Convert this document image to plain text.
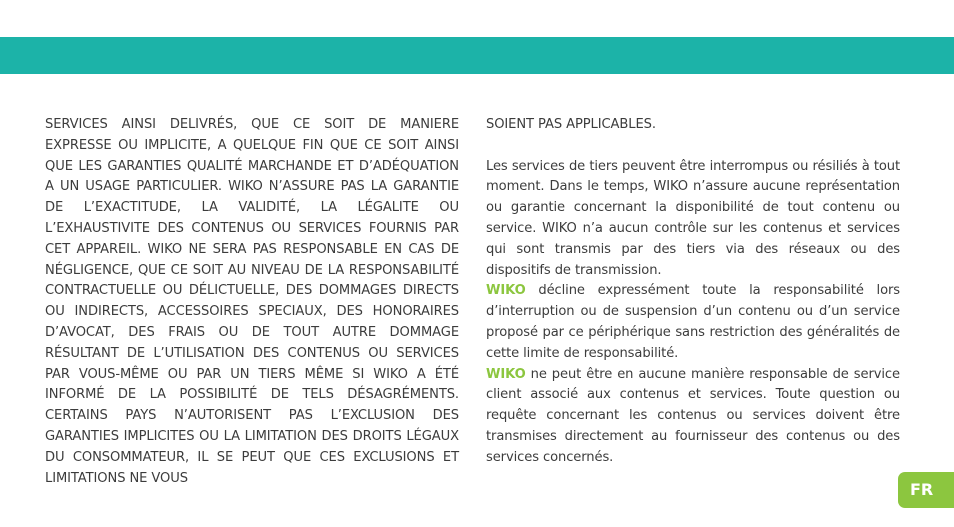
SERVICES AINSI DELIVRÉS, QUE CE SOIT DE MANIERE EXPRESSE OU IMPLICITE, A QUELQUE FIN QUE CE SOIT AINSI QUE LES GARANTIES QUALITÉ MARCHANDE ET D’ADÉQUATION A UN USAGE PARTICULIER. WIKO N’ASSURE PAS LA GARANTIE DE L’EXACTITUDE, LA VALIDITÉ, LA LÉGALITE OU L’EXHAUSTIVITE DES CONTENUS OU SERVICES FOURNIS PAR CET APPAREIL. WIKO NE SERA PAS RESPONSABLE EN CAS DE NÉGLIGENCE, QUE CE SOIT AU NIVEAU DE LA RESPONSABILITÉ CONTRACTUELLE OU DÉLICTUELLE, DES DOMMAGES DIRECTS OU INDIRECTS, ACCESSOIRES SPECIAUX, DES HONORAIRES D’AVOCAT, DES FRAIS OU DE TOUT AUTRE DOMMAGE RÉSULTANT DE L’UTILISATION DES CONTENUS OU SERVICES PAR VOUS-MÊME OU PAR UN TIERS MÊME SI WIKO A ÉTÉ INFORMÉ DE LA POSSIBILITÉ DE TELS DÉSAGRÉMENTS. CERTAINS PAYS N’AUTORISENT PAS L’EXCLUSION DES GARANTIES IMPLICITES OU LA LIMITATION DES DROITS LÉGAUX DU CONSOMMATEUR, IL SE PEUT QUE CES EXCLUSIONS ET LIMITATIONS NE VOUS

SOIENT PAS APPLICABLES.

Les services de tiers peuvent être interrompus ou résiliés à tout moment. Dans le temps, WIKO n’assure aucune représentation ou garantie concernant la disponibilité de tout contenu ou service. WIKO n’a aucun contrôle sur les contenus et services qui sont transmis par des tiers via des réseaux ou des dispositifs de transmission.

WIKO décline expressément toute la responsabilité lors d’interruption ou de suspension d’un contenu ou d’un service proposé par ce périphérique sans restriction des généralités de cette limite de responsabilité.

WIKO ne peut être en aucune manière responsable de service client associé aux contenus et services. Toute question ou requête concernant les contenus ou services doivent être transmises directement au fournisseur des contenus ou des services concernés.

FR
